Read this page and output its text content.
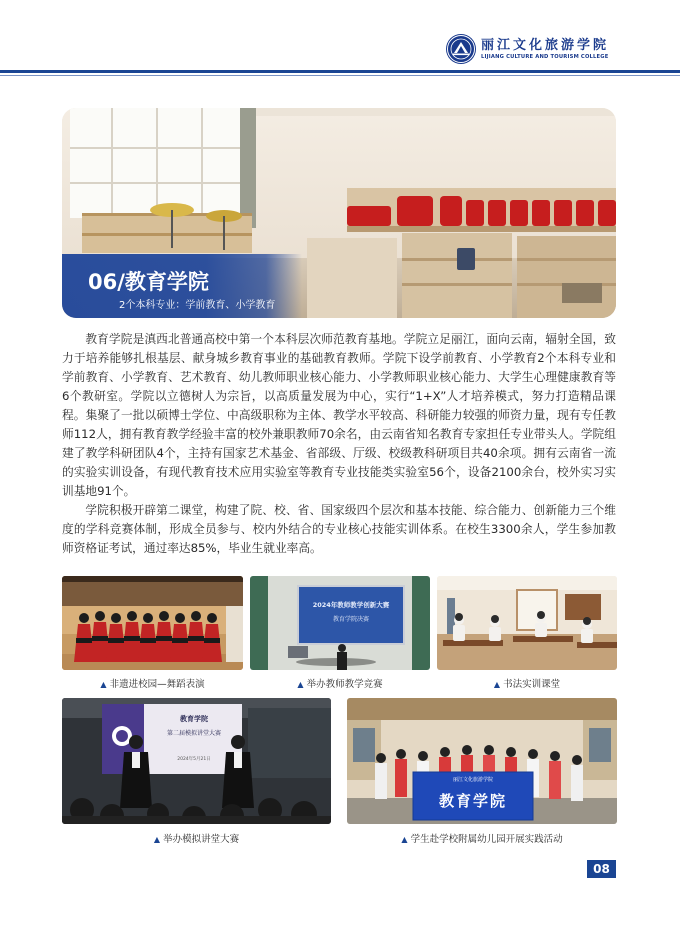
丽江文化旅游学院
LIJIANG CULTURE AND TOURISM COLLEGE
06/教育学院
2个本科专业：学前教育、小学教育

教育学院是滇西北普通高校中第一个本科层次师范教育基地。学院立足丽江，面向云南，辐射全国，致力于培养能够扎根基层、献身城乡教育事业的基础教育教师。学院下设学前教育、小学教育2个本科专业和学前教育、小学教育、艺术教育、幼儿教师职业核心能力、小学教师职业核心能力、大学生心理健康教育等6个教研室。学院以立德树人为宗旨，以高质量发展为中心，实行“1+X”人才培养模式，努力打造精品课程。集聚了一批以硕博士学位、中高级职称为主体、教学水平较高、科研能力较强的师资力量，现有专任教师112人，拥有教育教学经验丰富的校外兼职教师70余名，由云南省知名教育专家担任专业带头人。学院组建了教学科研团队4个，主持有国家艺术基金、省部级、厅级、校级教科研项目共40余项。拥有云南省一流的实验实训设备，有现代教育技术应用实验室等教育专业技能类实验室56个，设备2100余台，校外实习实训基地91个。

学院积极开辟第二课堂，构建了院、校、省、国家级四个层次和基本技能、综合能力、创新能力三个维度的学科竞赛体制，形成全员参与、校内外结合的专业核心技能实训体系。在校生3300余人，学生参加教师资格证考试，通过率达85%，毕业生就业率高。

▲ 非遗进校园—舞蹈表演
2024年教师教学创新大赛
教育学院决赛
▲ 举办教师教学竞赛	▲ 书法实训课堂
教育学院
第二届模拟讲堂大赛
2024年5月21日
▲ 举办模拟讲堂大赛
丽江文化旅游学院
教育学院
▲ 学生赴学校附属幼儿园开展实践活动
08
